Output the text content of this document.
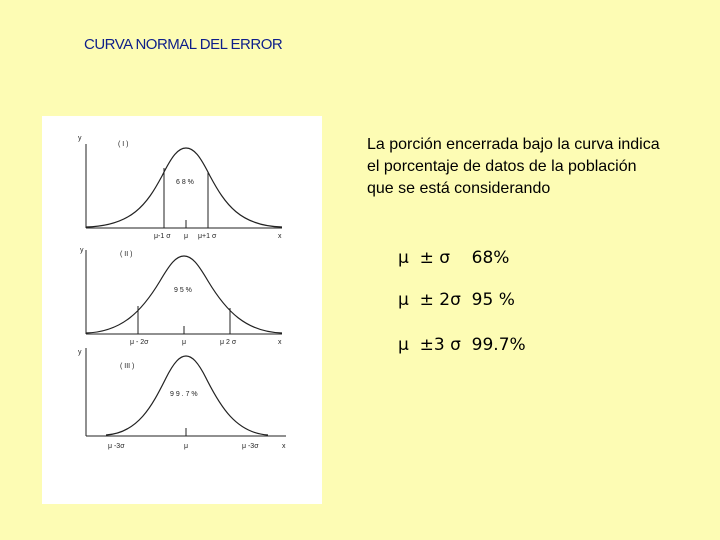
CURVA NORMAL DEL ERROR
y
( I )
6 8 %
μ-1 σ μ μ+1 σ	x
y
( II )
9 5 %
μ - 2σ	μ	μ 2 σ	x
y
( III )
9 9 . 7 %
μ -3σ	μ	μ -3σ	x
La porción encerrada bajo la curva indica el porcentaje de datos de la población que se está considerando
μ  ± σ    68%
μ  ± 2σ  95 %
μ  ±3 σ  99.7%
